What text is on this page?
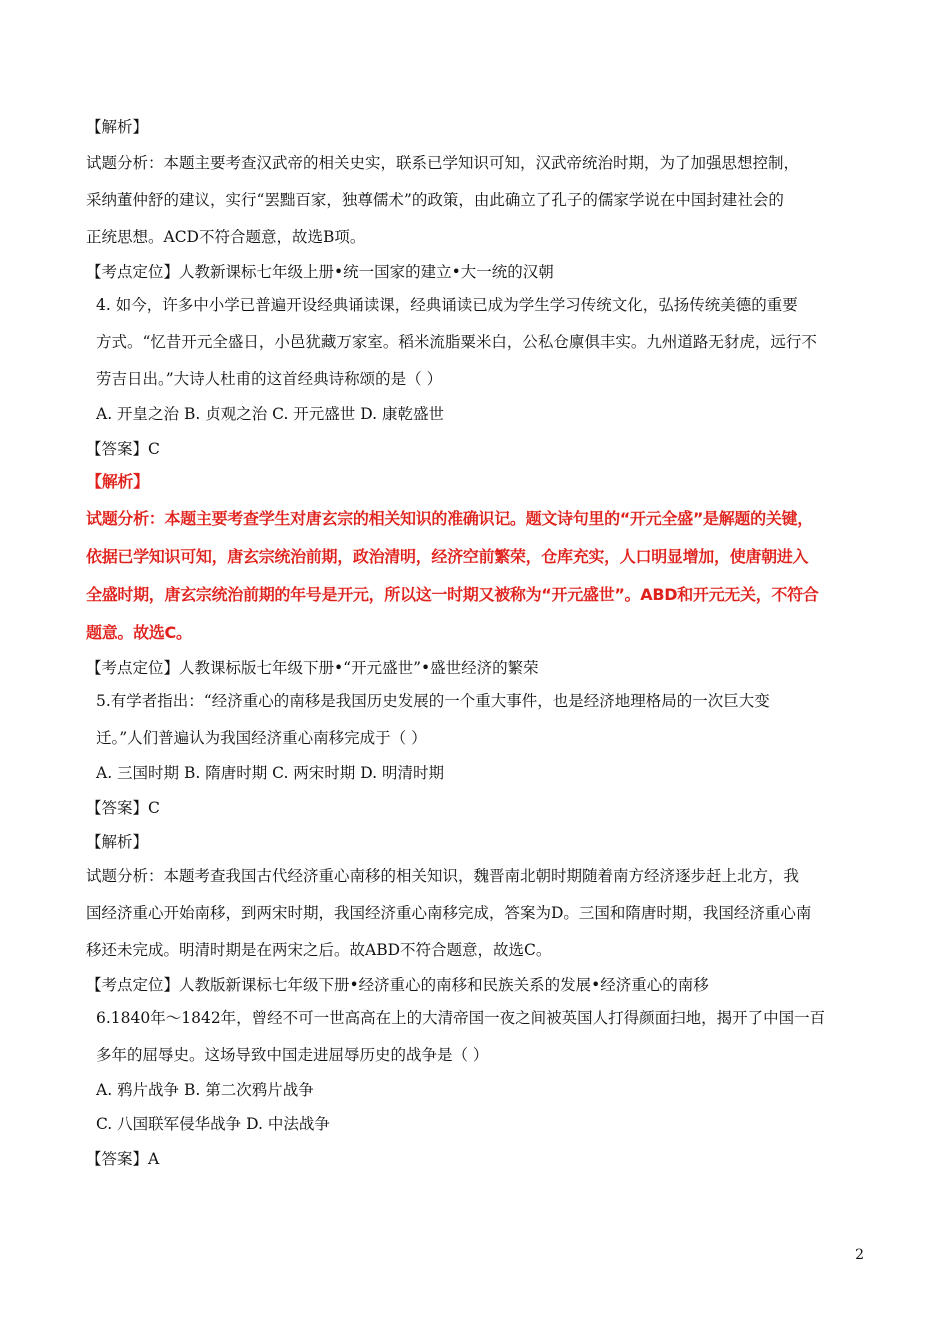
【解析】
试题分析：本题主要考查汉武帝的相关史实，联系已学知识可知，汉武帝统治时期，为了加强思想控制，
采纳董仲舒的建议，实行“罢黜百家，独尊儒术”的政策，由此确立了孔子的儒家学说在中国封建社会的
正统思想。ACD不符合题意，故选B项。
【考点定位】人教新课标七年级上册•统一国家的建立•大一统的汉朝
4. 如今，许多中小学已普遍开设经典诵读课，经典诵读已成为学生学习传统文化，弘扬传统美德的重要
方式。“忆昔开元全盛日，小邑犹藏万家室。稻米流脂粟米白，公私仓廪俱丰实。九州道路无豺虎，远行不
劳吉日出。”大诗人杜甫的这首经典诗称颂的是（ ）
A. 开皇之治 B. 贞观之治 C. 开元盛世 D. 康乾盛世
【答案】C
【解析】
试题分析：本题主要考查学生对唐玄宗的相关知识的准确识记。题文诗句里的“开元全盛”是解题的关键，
依据已学知识可知，唐玄宗统治前期，政治清明，经济空前繁荣，仓库充实，人口明显增加，使唐朝进入
全盛时期，唐玄宗统治前期的年号是开元，所以这一时期又被称为“开元盛世”。ABD和开元无关，不符合
题意。故选C。
【考点定位】人教课标版七年级下册•“开元盛世”•盛世经济的繁荣
5.有学者指出：“经济重心的南移是我国历史发展的一个重大事件，也是经济地理格局的一次巨大变
迁。”人们普遍认为我国经济重心南移完成于（ ）
A. 三国时期 B. 隋唐时期 C. 两宋时期 D. 明清时期
【答案】C
【解析】
试题分析：本题考查我国古代经济重心南移的相关知识，魏晋南北朝时期随着南方经济逐步赶上北方，我
国经济重心开始南移，到两宋时期，我国经济重心南移完成，答案为D。三国和隋唐时期，我国经济重心南
移还未完成。明清时期是在两宋之后。故ABD不符合题意，故选C。
【考点定位】人教版新课标七年级下册•经济重心的南移和民族关系的发展•经济重心的南移
6.1840年～1842年，曾经不可一世高高在上的大清帝国一夜之间被英国人打得颜面扫地，揭开了中国一百
多年的屈辱史。这场导致中国走进屈辱历史的战争是（ ）
A. 鸦片战争 B. 第二次鸦片战争
C. 八国联军侵华战争 D. 中法战争
【答案】A
2
